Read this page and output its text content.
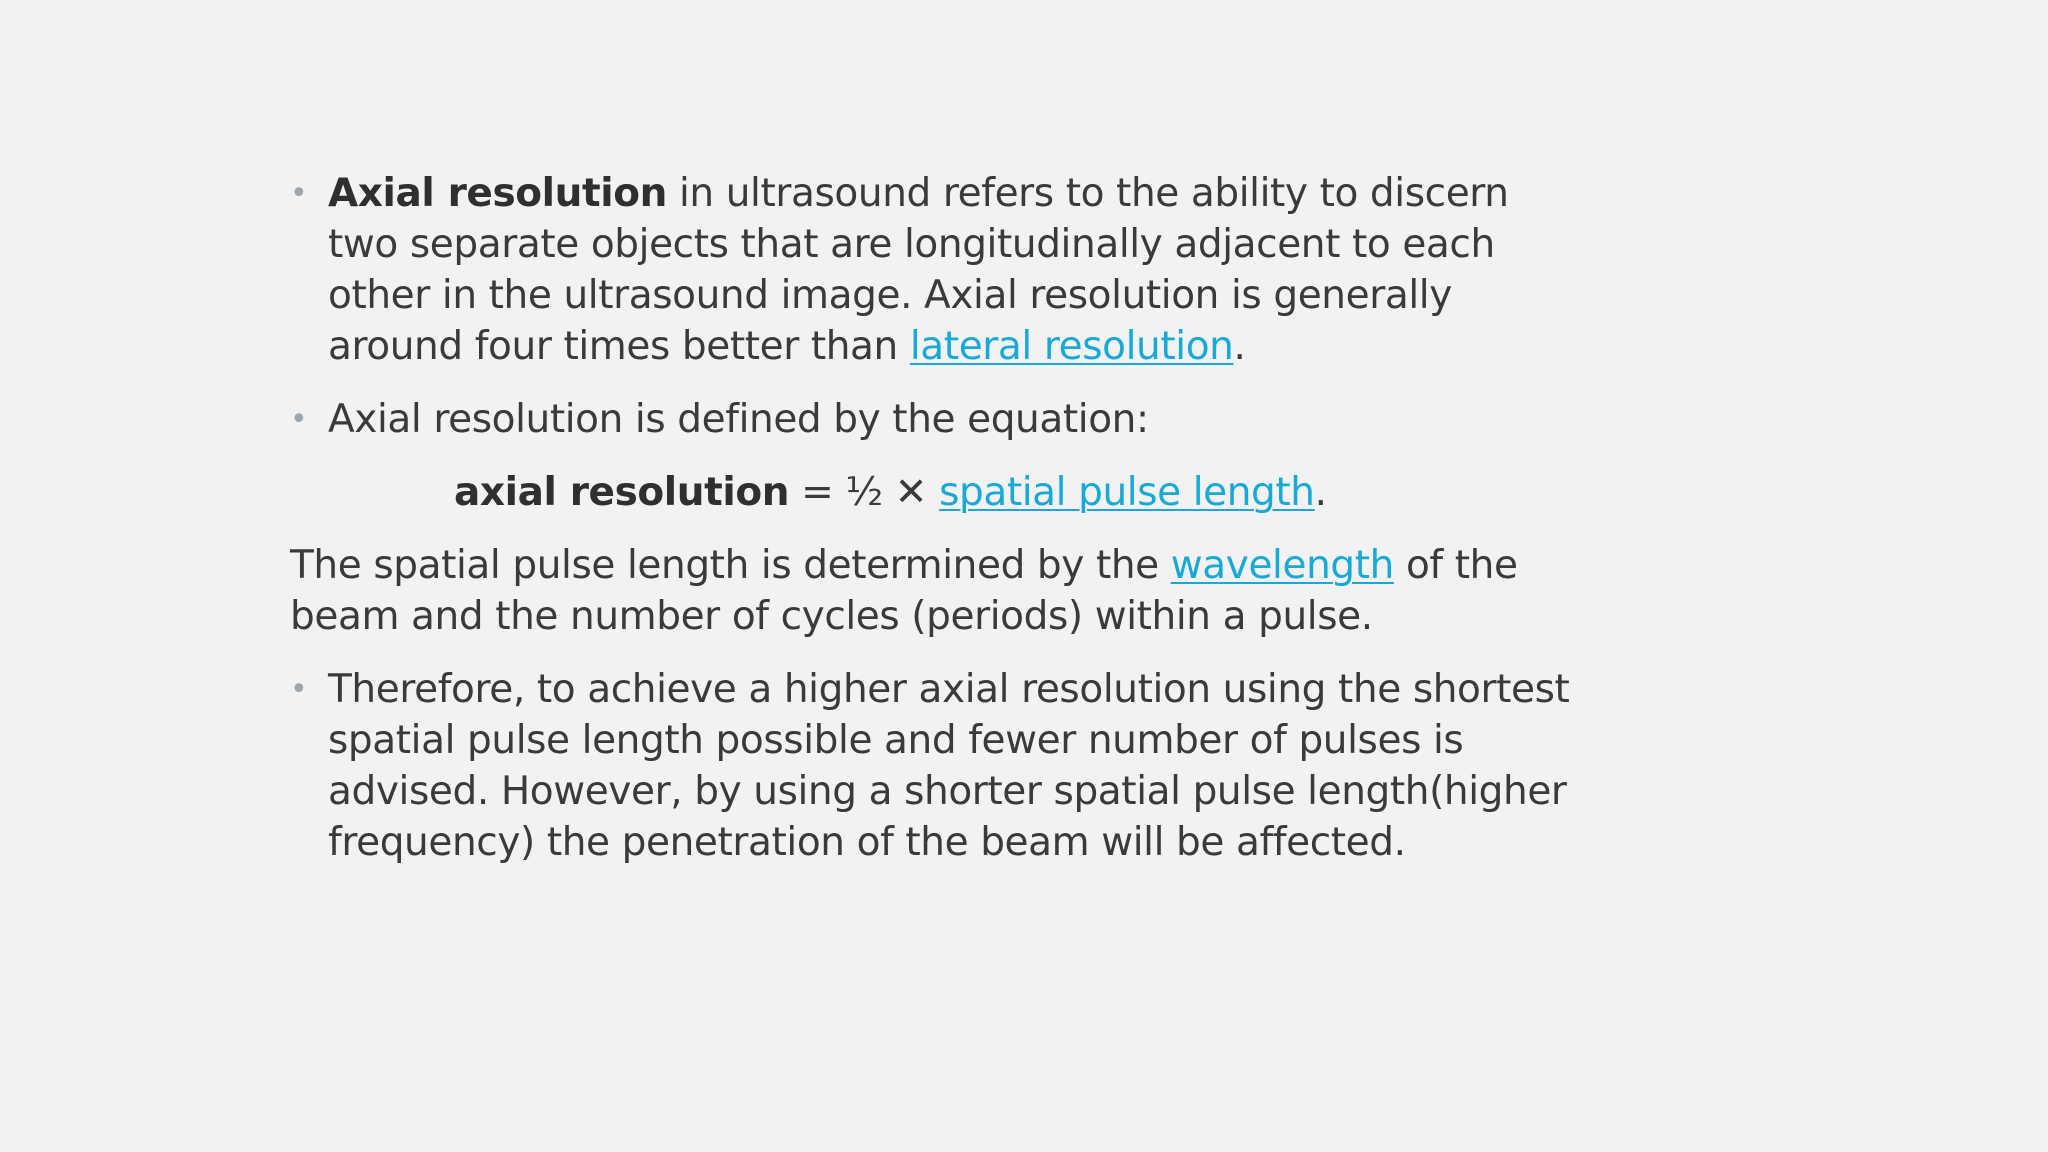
• Axial resolution in ultrasound refers to the ability to discern two separate objects that are longitudinally adjacent to each other in the ultrasound image. Axial resolution is generally around four times better than lateral resolution.

• Axial resolution is defined by the equation:

axial resolution = ½ ✕ spatial pulse length.

The spatial pulse length is determined by the wavelength of the beam and the number of cycles (periods) within a pulse.

• Therefore, to achieve a higher axial resolution using the shortest spatial pulse length possible and fewer number of pulses is advised. However, by using a shorter spatial pulse length(higher frequency) the penetration of the beam will be affected.
